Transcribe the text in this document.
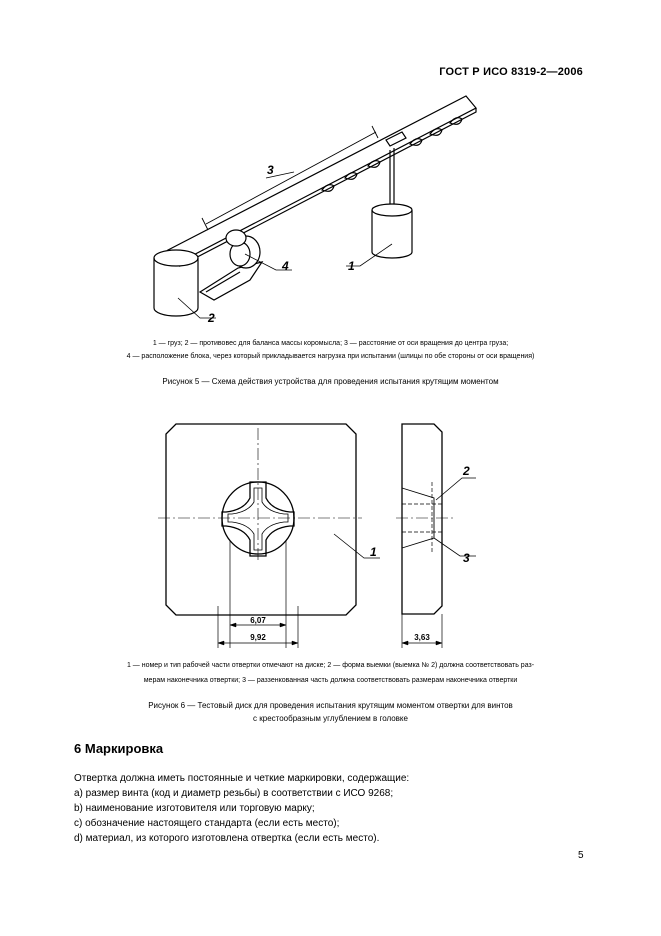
ГОСТ Р ИСО 8319-2—2006
3
4	1
2
1 — груз; 2 — противовес для баланса массы коромысла; 3 — расстояние от оси вращения до центра груза;
4 — расположение блока, через который прикладывается нагрузка при испытании (шлицы по обе стороны от оси вращения)
Рисунок 5 — Схема действия устройства для проведения испытания крутящим моментом
1
2
3
6,07
9,92	3,63
1 — номер и тип рабочей части отвертки отмечают на диске; 2 — форма выемки (выемка № 2) должна соответствовать раз-
мерам наконечника отвертки; 3 — раззенкованная часть должна соответствовать размерам наконечника отвертки
Рисунок 6 — Тестовый диск для проведения испытания крутящим моментом отвертки для винтов
с крестообразным углублением в головке
6 Маркировка
Отвертка должна иметь постоянные и четкие маркировки, содержащие:
a) размер винта (код и диаметр резьбы) в соответствии с ИСО 9268;
b) наименование изготовителя или торговую марку;
c) обозначение настоящего стандарта (если есть место);
d) материал, из которого изготовлена отвертка (если есть место).
5
